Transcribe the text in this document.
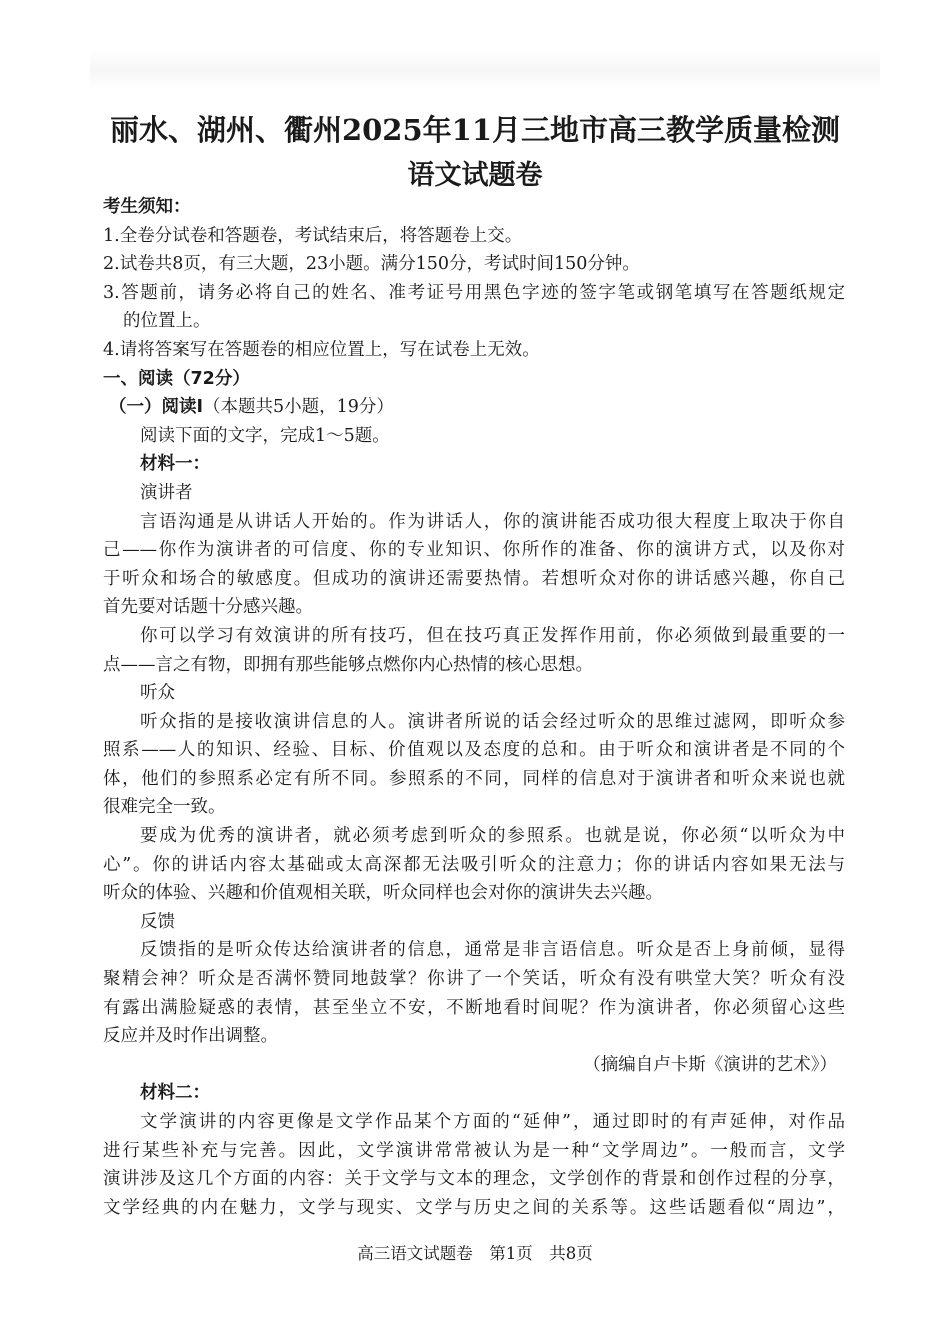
丽水、湖州、衢州2025年11月三地市高三教学质量检测
语文试题卷
考生须知：
1.全卷分试卷和答题卷，考试结束后，将答题卷上交。
2.试卷共8页，有三大题，23小题。满分150分，考试时间150分钟。
3.答题前，请务必将自己的姓名、准考证号用黑色字迹的签字笔或钢笔填写在答题纸规定
的位置上。
4.请将答案写在答题卷的相应位置上，写在试卷上无效。
一、阅读（72分）
（一）阅读Ⅰ（本题共5小题，19分）
阅读下面的文字，完成1～5题。
材料一：
演讲者
言语沟通是从讲话人开始的。作为讲话人，你的演讲能否成功很大程度上取决于你自
己——你作为演讲者的可信度、你的专业知识、你所作的准备、你的演讲方式，以及你对
于听众和场合的敏感度。但成功的演讲还需要热情。若想听众对你的讲话感兴趣，你自己
首先要对话题十分感兴趣。
你可以学习有效演讲的所有技巧，但在技巧真正发挥作用前，你必须做到最重要的一
点——言之有物，即拥有那些能够点燃你内心热情的核心思想。
听众
听众指的是接收演讲信息的人。演讲者所说的话会经过听众的思维过滤网，即听众参
照系——人的知识、经验、目标、价值观以及态度的总和。由于听众和演讲者是不同的个
体，他们的参照系必定有所不同。参照系的不同，同样的信息对于演讲者和听众来说也就
很难完全一致。
要成为优秀的演讲者，就必须考虑到听众的参照系。也就是说，你必须“以听众为中
心”。你的讲话内容太基础或太高深都无法吸引听众的注意力；你的讲话内容如果无法与
听众的体验、兴趣和价值观相关联，听众同样也会对你的演讲失去兴趣。
反馈
反馈指的是听众传达给演讲者的信息，通常是非言语信息。听众是否上身前倾，显得
聚精会神？听众是否满怀赞同地鼓掌？你讲了一个笑话，听众有没有哄堂大笑？听众有没
有露出满脸疑惑的表情，甚至坐立不安，不断地看时间呢？作为演讲者，你必须留心这些
反应并及时作出调整。
（摘编自卢卡斯《演讲的艺术》）
材料二：
文学演讲的内容更像是文学作品某个方面的“延伸”，通过即时的有声延伸，对作品
进行某些补充与完善。因此，文学演讲常常被认为是一种“文学周边”。一般而言，文学
演讲涉及这几个方面的内容：关于文学与文本的理念，文学创作的背景和创作过程的分享，
文学经典的内在魅力，文学与现实、文学与历史之间的关系等。这些话题看似“周边”，
高三语文试题卷　第1页　共8页
